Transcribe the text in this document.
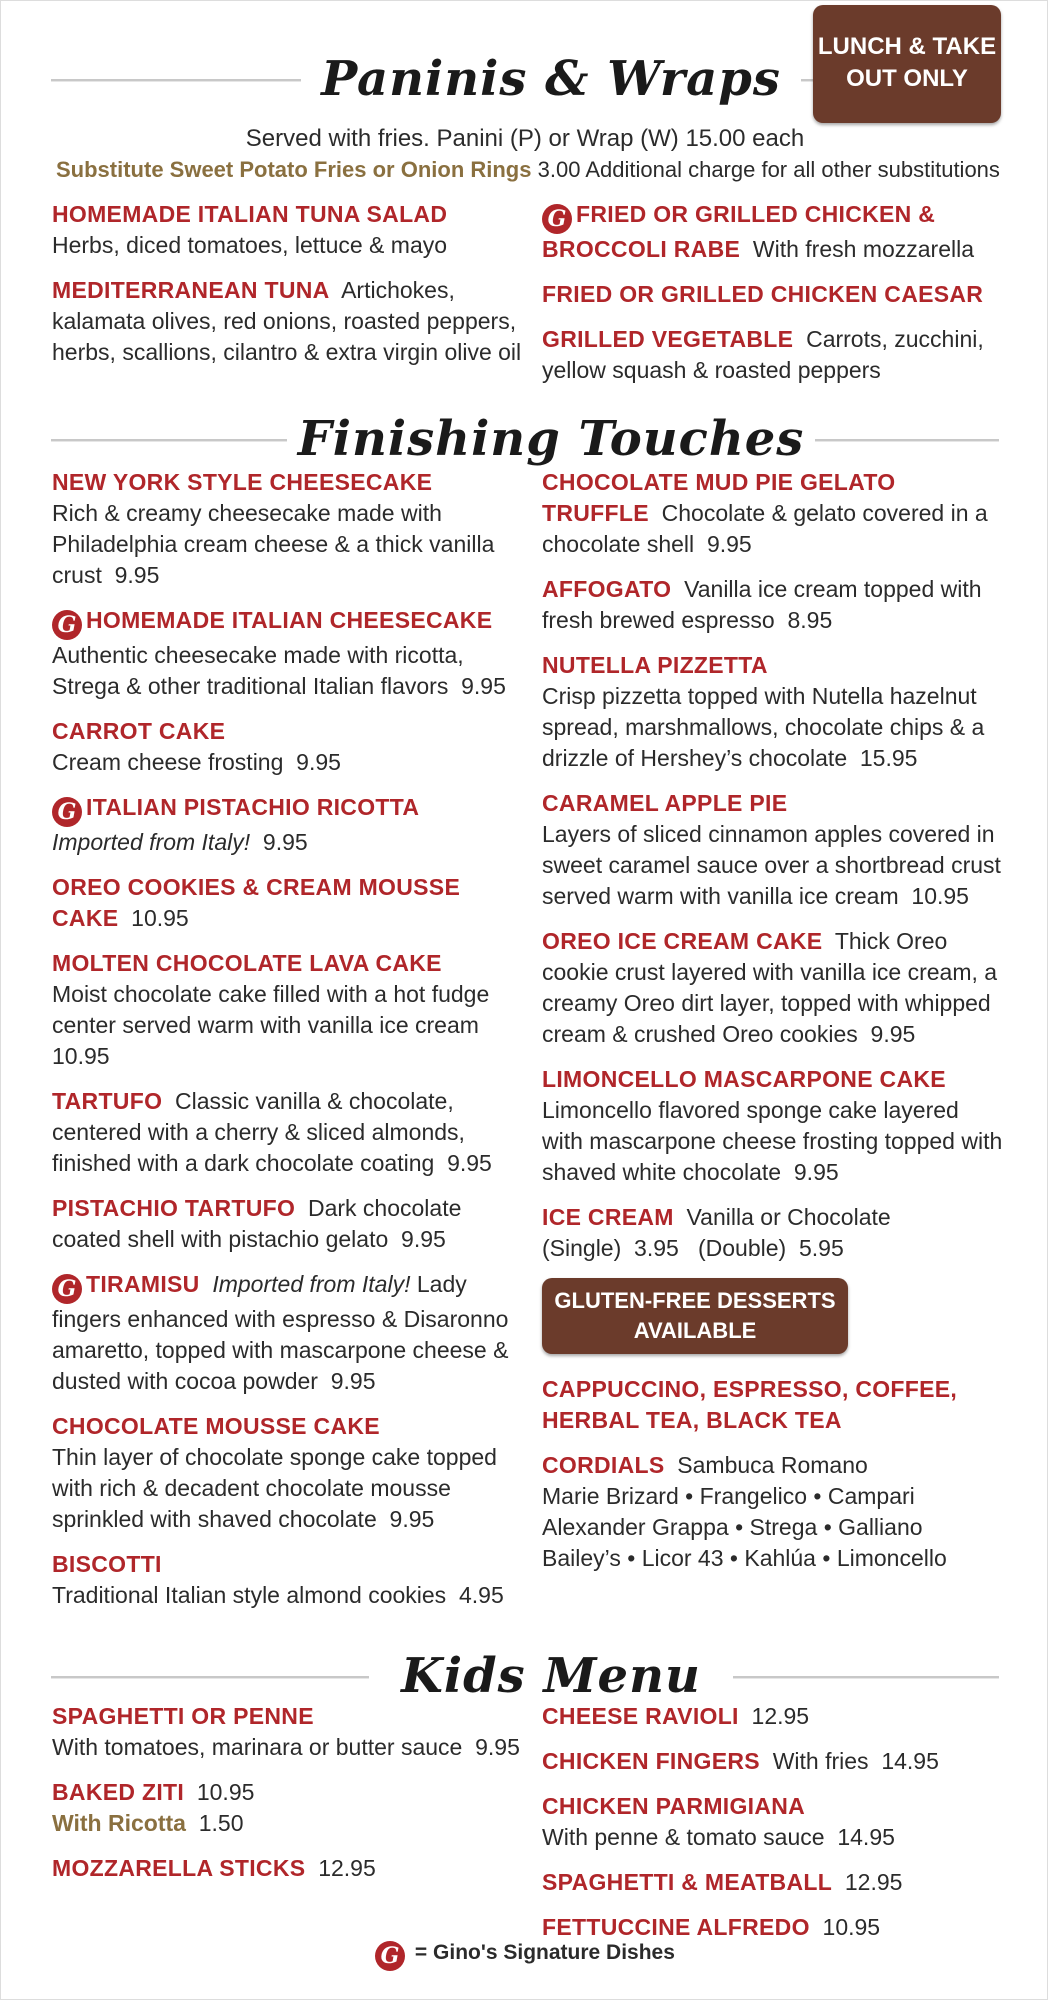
Paninis & Wraps
LUNCH & TAKE OUT ONLY
Served with fries. Panini (P) or Wrap (W) 15.00 each
Substitute Sweet Potato Fries or Onion Rings 3.00 Additional charge for all other substitutions
HOMEMADE ITALIAN TUNA SALAD
Herbs, diced tomatoes, lettuce & mayo
MEDITERRANEAN TUNA Artichokes, kalamata olives, red onions, roasted peppers, herbs, scallions, cilantro & extra virgin olive oil
G FRIED OR GRILLED CHICKEN & BROCCOLI RABE With fresh mozzarella
FRIED OR GRILLED CHICKEN CAESAR
GRILLED VEGETABLE Carrots, zucchini, yellow squash & roasted peppers
Finishing Touches
NEW YORK STYLE CHEESECAKE
Rich & creamy cheesecake made with Philadelphia cream cheese & a thick vanilla crust 9.95
G HOMEMADE ITALIAN CHEESECAKE  Authentic cheesecake made with ricotta, Strega & other traditional Italian flavors 9.95
CARROT CAKE
Cream cheese frosting 9.95
G ITALIAN PISTACHIO RICOTTA  Imported from Italy! 9.95
OREO COOKIES & CREAM MOUSSE CAKE 10.95
MOLTEN CHOCOLATE LAVA CAKE
Moist chocolate cake filled with a hot fudge center served warm with vanilla ice cream  10.95
TARTUFO Classic vanilla & chocolate, centered with a cherry & sliced almonds, finished with a dark chocolate coating 9.95
PISTACHIO TARTUFO Dark chocolate coated shell with pistachio gelato 9.95
G TIRAMISU Imported from Italy! Lady fingers enhanced with espresso & Disaronno amaretto, topped with mascarpone cheese & dusted with cocoa powder 9.95
CHOCOLATE MOUSSE CAKE
Thin layer of chocolate sponge cake topped with rich & decadent chocolate mousse sprinkled with shaved chocolate 9.95
BISCOTTI
Traditional Italian style almond cookies 4.95
CHOCOLATE MUD PIE GELATO TRUFFLE Chocolate & gelato covered in a chocolate shell 9.95
AFFOGATO Vanilla ice cream topped with fresh brewed espresso 8.95
NUTELLA PIZZETTA
Crisp pizzetta topped with Nutella hazelnut spread, marshmallows, chocolate chips & a drizzle of Hershey’s chocolate 15.95
CARAMEL APPLE PIE
Layers of sliced cinnamon apples covered in sweet caramel sauce over a shortbread crust served warm with vanilla ice cream 10.95
OREO ICE CREAM CAKE Thick Oreo cookie crust layered with vanilla ice cream, a creamy Oreo dirt layer, topped with whipped cream & crushed Oreo cookies 9.95
LIMONCELLO MASCARPONE CAKE
Limoncello flavored sponge cake layered with mascarpone cheese frosting topped with shaved white chocolate 9.95
ICE CREAM Vanilla or Chocolate
(Single) 3.95 (Double) 5.95
GLUTEN-FREE DESSERTS AVAILABLE
CAPPUCCINO, ESPRESSO, COFFEE, HERBAL TEA, BLACK TEA
CORDIALS Sambuca Romano
Marie Brizard • Frangelico • Campari
Alexander Grappa • Strega • Galliano
Bailey’s • Licor 43 • Kahlúa • Limoncello
Kids Menu
SPAGHETTI OR PENNE
With tomatoes, marinara or butter sauce 9.95
BAKED ZITI 10.95
With Ricotta 1.50
MOZZARELLA STICKS 12.95
CHEESE RAVIOLI 12.95
CHICKEN FINGERS With fries 14.95
CHICKEN PARMIGIANA
With penne & tomato sauce 14.95
SPAGHETTI & MEATBALL 12.95
FETTUCCINE ALFREDO 10.95
G = Gino's Signature Dishes
